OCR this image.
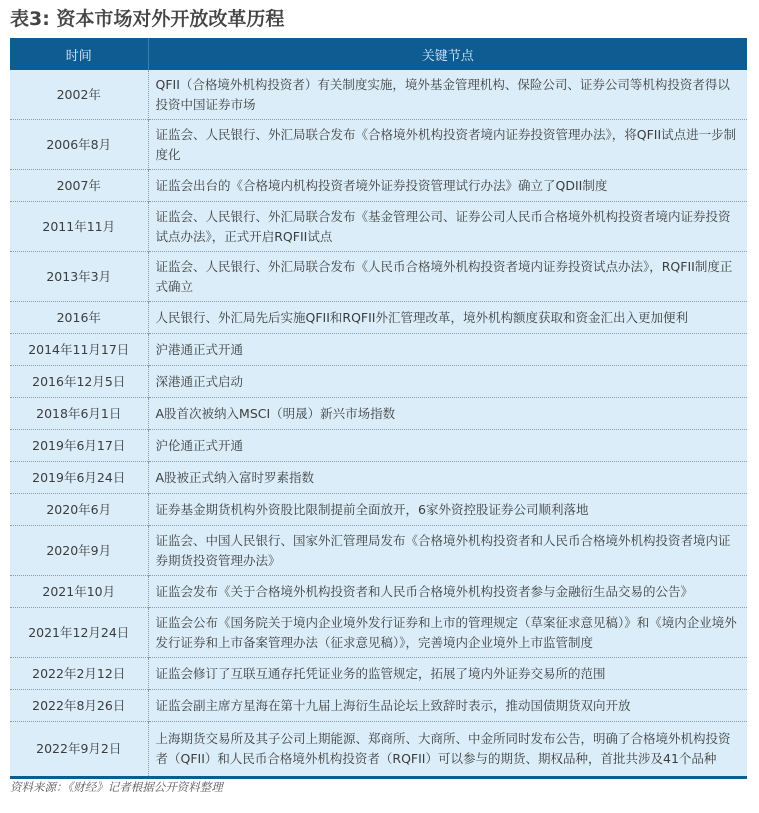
表3: 资本市场对外开放改革历程
时间	关键节点
2002年	QFII（合格境外机构投资者）有关制度实施，境外基金管理机构、保险公司、证券公司等机构投资者得以投资中国证券市场
2006年8月	证监会、人民银行、外汇局联合发布《合格境外机构投资者境内证券投资管理办法》，将QFII试点进一步制度化
2007年	证监会出台的《合格境内机构投资者境外证券投资管理试行办法》确立了QDII制度
2011年11月	证监会、人民银行、外汇局联合发布《基金管理公司、证券公司人民币合格境外机构投资者境内证券投资试点办法》，正式开启RQFII试点
2013年3月	证监会、人民银行、外汇局联合发布《人民币合格境外机构投资者境内证券投资试点办法》，RQFII制度正式确立
2016年	人民银行、外汇局先后实施QFII和RQFII外汇管理改革，境外机构额度获取和资金汇出入更加便利
2014年11月17日	沪港通正式开通
2016年12月5日	深港通正式启动
2018年6月1日	A股首次被纳入MSCI（明晟）新兴市场指数
2019年6月17日	沪伦通正式开通
2019年6月24日	A股被正式纳入富时罗素指数
2020年6月	证券基金期货机构外资股比限制提前全面放开，6家外资控股证券公司顺利落地
2020年9月	证监会、中国人民银行、国家外汇管理局发布《合格境外机构投资者和人民币合格境外机构投资者境内证券期货投资管理办法》
2021年10月	证监会发布《关于合格境外机构投资者和人民币合格境外机构投资者参与金融衍生品交易的公告》
2021年12月24日	证监会公布《国务院关于境内企业境外发行证券和上市的管理规定（草案征求意见稿）》和《境内企业境外发行证券和上市备案管理办法（征求意见稿）》，完善境内企业境外上市监管制度
2022年2月12日	证监会修订了互联互通存托凭证业务的监管规定，拓展了境内外证券交易所的范围
2022年8月26日	证监会副主席方星海在第十九届上海衍生品论坛上致辞时表示，推动国债期货双向开放
2022年9月2日	上海期货交易所及其子公司上期能源、郑商所、大商所、中金所同时发布公告，明确了合格境外机构投资者（QFII）和人民币合格境外机构投资者（RQFII）可以参与的期货、期权品种，首批共涉及41个品种
资料来源：《财经》记者根据公开资料整理
